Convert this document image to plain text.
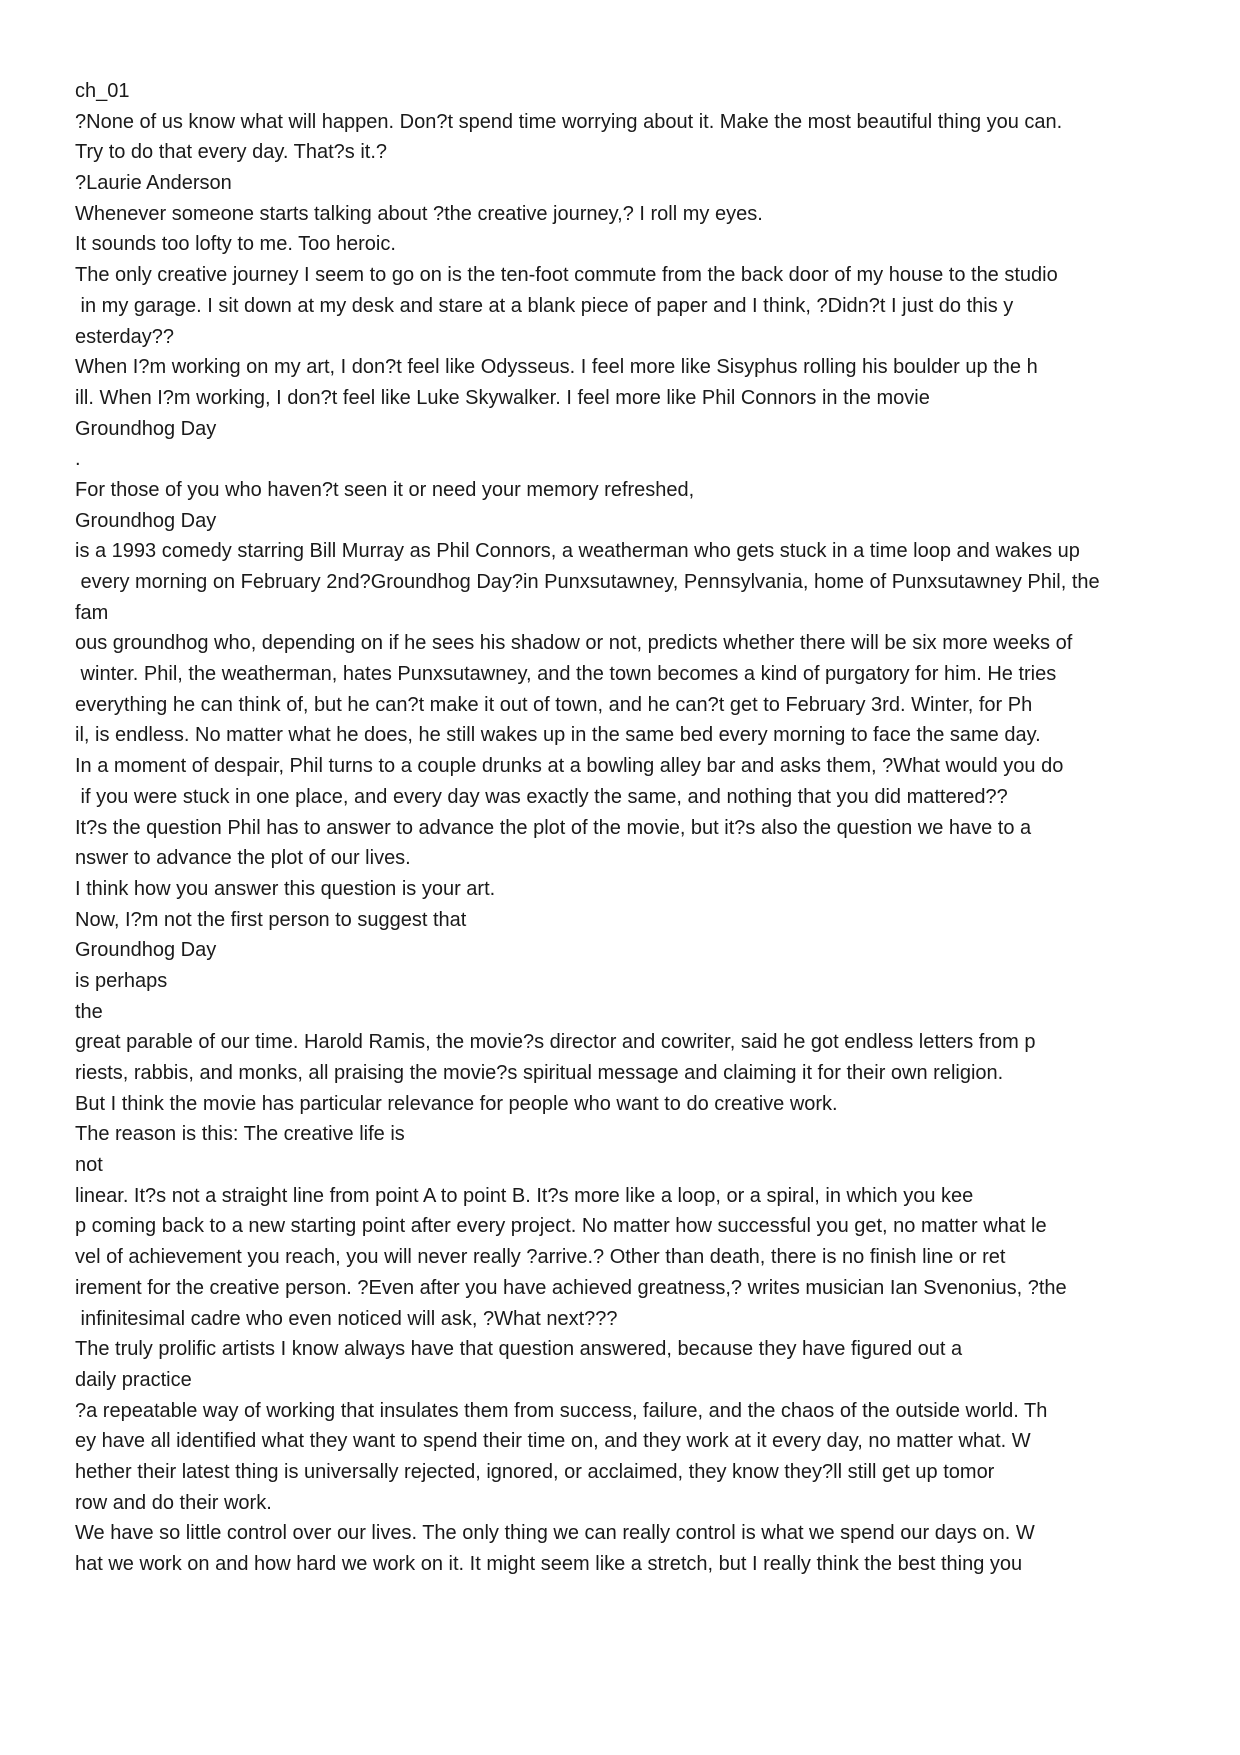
ch_01
?None of us know what will happen. Don?t spend time worrying about it. Make the most beautiful thing you can.
Try to do that every day. That?s it.?
?Laurie Anderson
Whenever someone starts talking about ?the creative journey,? I roll my eyes.
It sounds too lofty to me. Too heroic.
The only creative journey I seem to go on is the ten-foot commute from the back door of my house to the studio
in my garage. I sit down at my desk and stare at a blank piece of paper and I think, ?Didn?t I just do this y
esterday??
When I?m working on my art, I don?t feel like Odysseus. I feel more like Sisyphus rolling his boulder up the h
ill. When I?m working, I don?t feel like Luke Skywalker. I feel more like Phil Connors in the movie
Groundhog Day
.
For those of you who haven?t seen it or need your memory refreshed,
Groundhog Day
is a 1993 comedy starring Bill Murray as Phil Connors, a weatherman who gets stuck in a time loop and wakes up
every morning on February 2nd?Groundhog Day?in Punxsutawney, Pennsylvania, home of Punxsutawney Phil, the
fam
ous groundhog who, depending on if he sees his shadow or not, predicts whether there will be six more weeks of
winter. Phil, the weatherman, hates Punxsutawney, and the town becomes a kind of purgatory for him. He tries
everything he can think of, but he can?t make it out of town, and he can?t get to February 3rd. Winter, for Ph
il, is endless. No matter what he does, he still wakes up in the same bed every morning to face the same day.
In a moment of despair, Phil turns to a couple drunks at a bowling alley bar and asks them, ?What would you do
if you were stuck in one place, and every day was exactly the same, and nothing that you did mattered??
It?s the question Phil has to answer to advance the plot of the movie, but it?s also the question we have to a
nswer to advance the plot of our lives.
I think how you answer this question is your art.
Now, I?m not the first person to suggest that
Groundhog Day
is perhaps
the
great parable of our time. Harold Ramis, the movie?s director and cowriter, said he got endless letters from p
riests, rabbis, and monks, all praising the movie?s spiritual message and claiming it for their own religion.
But I think the movie has particular relevance for people who want to do creative work.
The reason is this: The creative life is
not
linear. It?s not a straight line from point A to point B. It?s more like a loop, or a spiral, in which you kee
p coming back to a new starting point after every project. No matter how successful you get, no matter what le
vel of achievement you reach, you will never really ?arrive.? Other than death, there is no finish line or ret
irement for the creative person. ?Even after you have achieved greatness,? writes musician Ian Svenonius, ?the
infinitesimal cadre who even noticed will ask, ?What next???
The truly prolific artists I know always have that question answered, because they have figured out a
daily practice
?a repeatable way of working that insulates them from success, failure, and the chaos of the outside world. Th
ey have all identified what they want to spend their time on, and they work at it every day, no matter what. W
hether their latest thing is universally rejected, ignored, or acclaimed, they know they?ll still get up tomor
row and do their work.
We have so little control over our lives. The only thing we can really control is what we spend our days on. W
hat we work on and how hard we work on it. It might seem like a stretch, but I really think the best thing you
